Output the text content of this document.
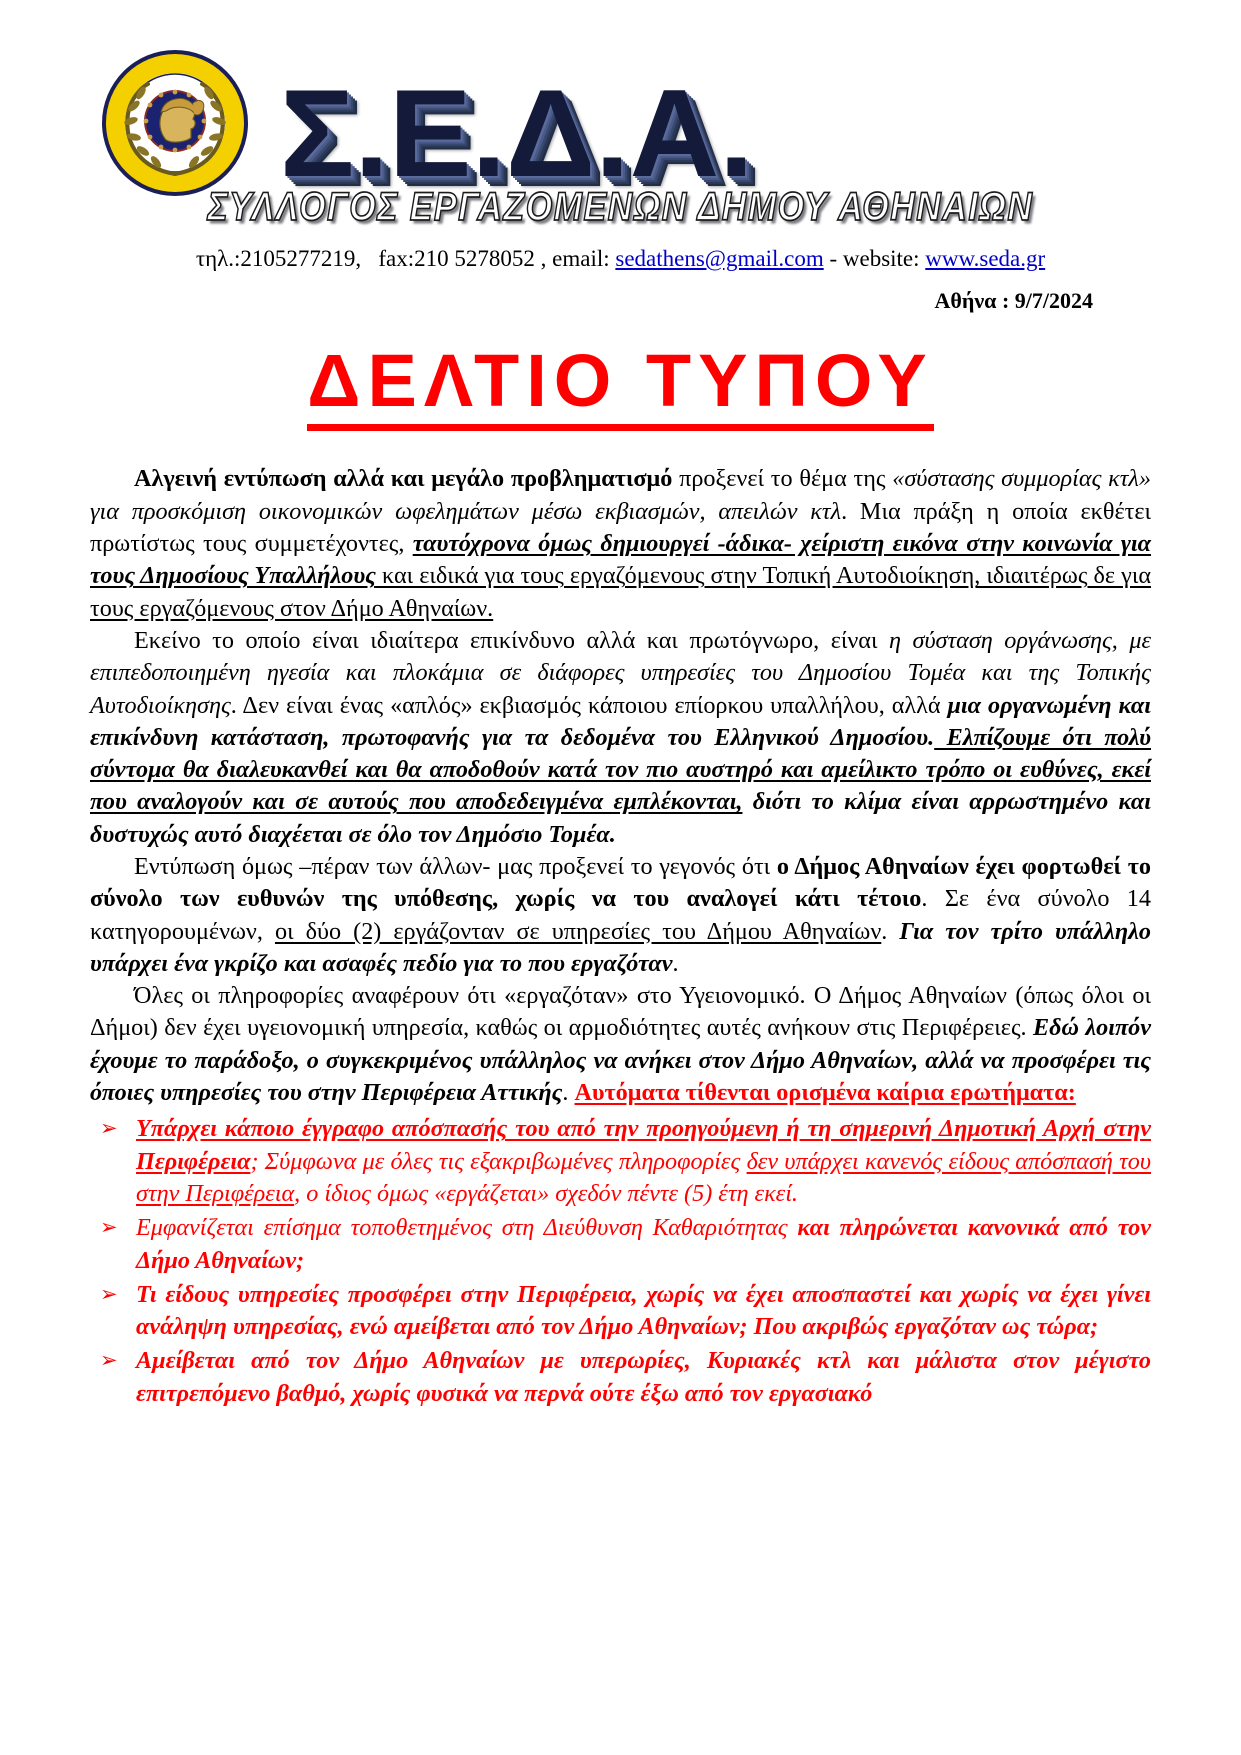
Σ.Ε.Δ.Α.
ΣΥΛΛΟΓΟΣ ΕΡΓΑΖΟΜΕΝΩΝ ΔΗΜΟΥ ΑΘΗΝΑΙΩΝ
τηλ.:2105277219, fax:210 5278052 , email: sedathens@gmail.com - website: www.seda.gr
Αθήνα : 9/7/2024
ΔΕΛΤΙΟ ΤΥΠΟΥ

Αλγεινή εντύπωση αλλά και μεγάλο προβληματισμό προξενεί το θέμα της «σύστασης συμμορίας κτλ» για προσκόμιση οικονομικών ωφελημάτων μέσω εκβιασμών, απειλών κτλ. Μια πράξη η οποία εκθέτει πρωτίστως τους συμμετέχοντες, ταυτόχρονα όμως δημιουργεί -άδικα- χείριστη εικόνα στην κοινωνία για τους Δημοσίους Υπαλλήλους και ειδικά για τους εργαζόμενους στην Τοπική Αυτοδιοίκηση, ιδιαιτέρως δε για τους εργαζόμενους στον Δήμο Αθηναίων.

Εκείνο το οποίο είναι ιδιαίτερα επικίνδυνο αλλά και πρωτόγνωρο, είναι η σύσταση οργάνωσης, με επιπεδοποιημένη ηγεσία και πλοκάμια σε διάφορες υπηρεσίες του Δημοσίου Τομέα και της Τοπικής Αυτοδιοίκησης. Δεν είναι ένας «απλός» εκβιασμός κάποιου επίορκου υπαλλήλου, αλλά μια οργανωμένη και επικίνδυνη κατάσταση, πρωτοφανής για τα δεδομένα του Ελληνικού Δημοσίου. Ελπίζουμε ότι πολύ σύντομα θα διαλευκανθεί και θα αποδοθούν κατά τον πιο αυστηρό και αμείλικτο τρόπο οι ευθύνες, εκεί που αναλογούν και σε αυτούς που αποδεδειγμένα εμπλέκονται, διότι το κλίμα είναι αρρωστημένο και δυστυχώς αυτό διαχέεται σε όλο τον Δημόσιο Τομέα.

Εντύπωση όμως –πέραν των άλλων- μας προξενεί το γεγονός ότι ο Δήμος Αθηναίων έχει φορτωθεί το σύνολο των ευθυνών της υπόθεσης, χωρίς να του αναλογεί κάτι τέτοιο. Σε ένα σύνολο 14 κατηγορουμένων, οι δύο (2) εργάζονταν σε υπηρεσίες του Δήμου Αθηναίων. Για τον τρίτο υπάλληλο υπάρχει ένα γκρίζο και ασαφές πεδίο για το που εργαζόταν.

Όλες οι πληροφορίες αναφέρουν ότι «εργαζόταν» στο Υγειονομικό. Ο Δήμος Αθηναίων (όπως όλοι οι Δήμοι) δεν έχει υγειονομική υπηρεσία, καθώς οι αρμοδιότητες αυτές ανήκουν στις Περιφέρειες. Εδώ λοιπόν έχουμε το παράδοξο, ο συγκεκριμένος υπάλληλος να ανήκει στον Δήμο Αθηναίων, αλλά να προσφέρει τις όποιες υπηρεσίες του στην Περιφέρεια Αττικής. Αυτόματα τίθενται ορισμένα καίρια ερωτήματα:

➢ Υπάρχει κάποιο έγγραφο απόσπασής του από την προηγούμενη ή τη σημερινή Δημοτική Αρχή στην Περιφέρεια; Σύμφωνα με όλες τις εξακριβωμένες πληροφορίες δεν υπάρχει κανενός είδους απόσπασή του στην Περιφέρεια, ο ίδιος όμως «εργάζεται» σχεδόν πέντε (5) έτη εκεί.
➢ Εμφανίζεται επίσημα τοποθετημένος στη Διεύθυνση Καθαριότητας και πληρώνεται κανονικά από τον Δήμο Αθηναίων;
➢ Τι είδους υπηρεσίες προσφέρει στην Περιφέρεια, χωρίς να έχει αποσπαστεί και χωρίς να έχει γίνει ανάληψη υπηρεσίας, ενώ αμείβεται από τον Δήμο Αθηναίων; Που ακριβώς εργαζόταν ως τώρα;
➢ Αμείβεται από τον Δήμο Αθηναίων με υπερωρίες, Κυριακές κτλ και μάλιστα στον μέγιστο επιτρεπόμενο βαθμό, χωρίς φυσικά να περνά ούτε έξω από τον εργασιακό
